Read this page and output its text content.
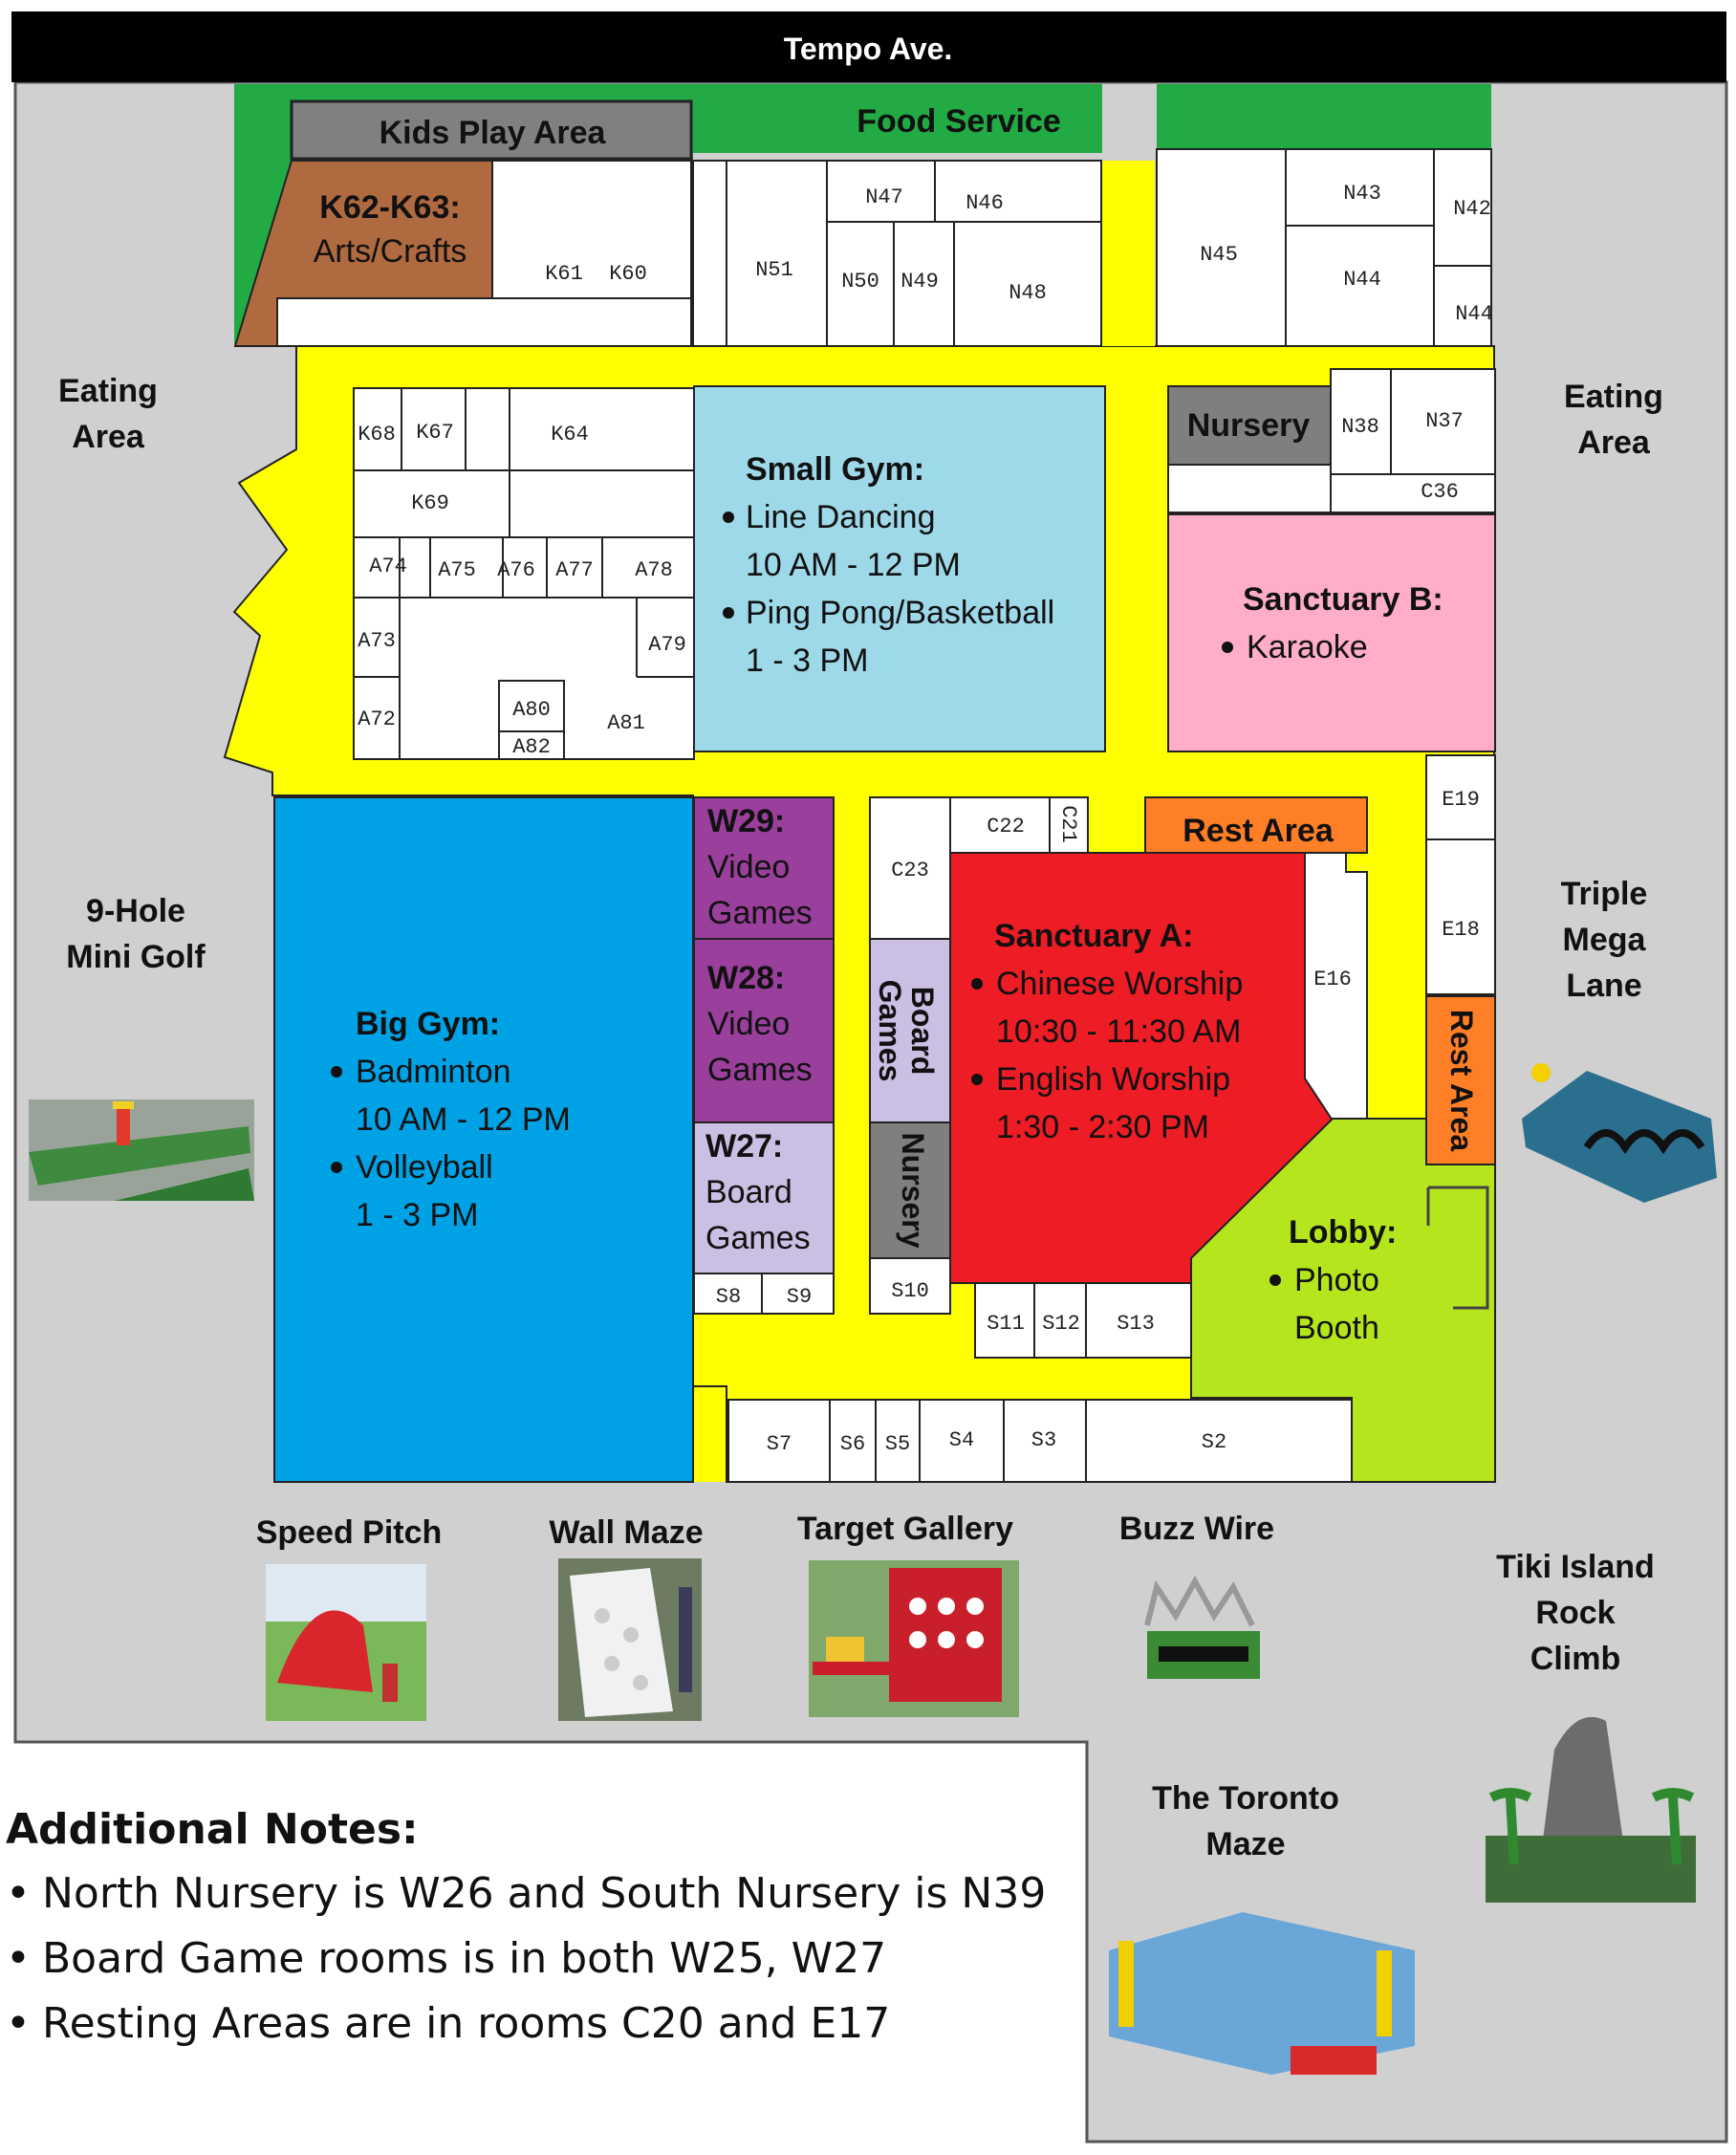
Tempo Ave.
Kids Play Area
K62-K63:
Arts/Crafts
K61 K60
N47	N46
N51 N50 N49	N48
N43
N42
N45
N44
N44
Food Service
Eating
Area
Eating
Area
K68 K67	K64
K69
A74 A75 A76 A77 A78
A73	A79
A72	A80
A82
A81
Small Gym:
Line Dancing
10 AM - 12 PM
Ping Pong/Basketball
1 - 3 PM
Nursery N38 N37
C36
Sanctuary B:
Karaoke
Big Gym:
Badminton
10 AM - 12 PM
Volleyball
1 - 3 PM
W29:
Video
Games
W28:
Video
Games
W27:
Board
Games
S8 S9
C23
Board
Games
Nursery
S10
C22 C21	Rest Area
Sanctuary A:
Chinese Worship
10:30 - 11:30 AM
English Worship
1:30 - 2:30 PM
E16
E19
E18
Rest Area
Lobby:
Photo
Booth
S11 S12 S13
S7 S6 S5 S4	S3	S2
9-Hole
Mini Golf
Triple
Mega
Lane
Speed Pitch	Wall Maze	Target Gallery	Buzz Wire
Tiki Island
Rock
Climb
The Toronto
Maze
Additional Notes:
• North Nursery is W26 and South Nursery is N39
• Board Game rooms is in both W25, W27
• Resting Areas are in rooms C20 and E17
